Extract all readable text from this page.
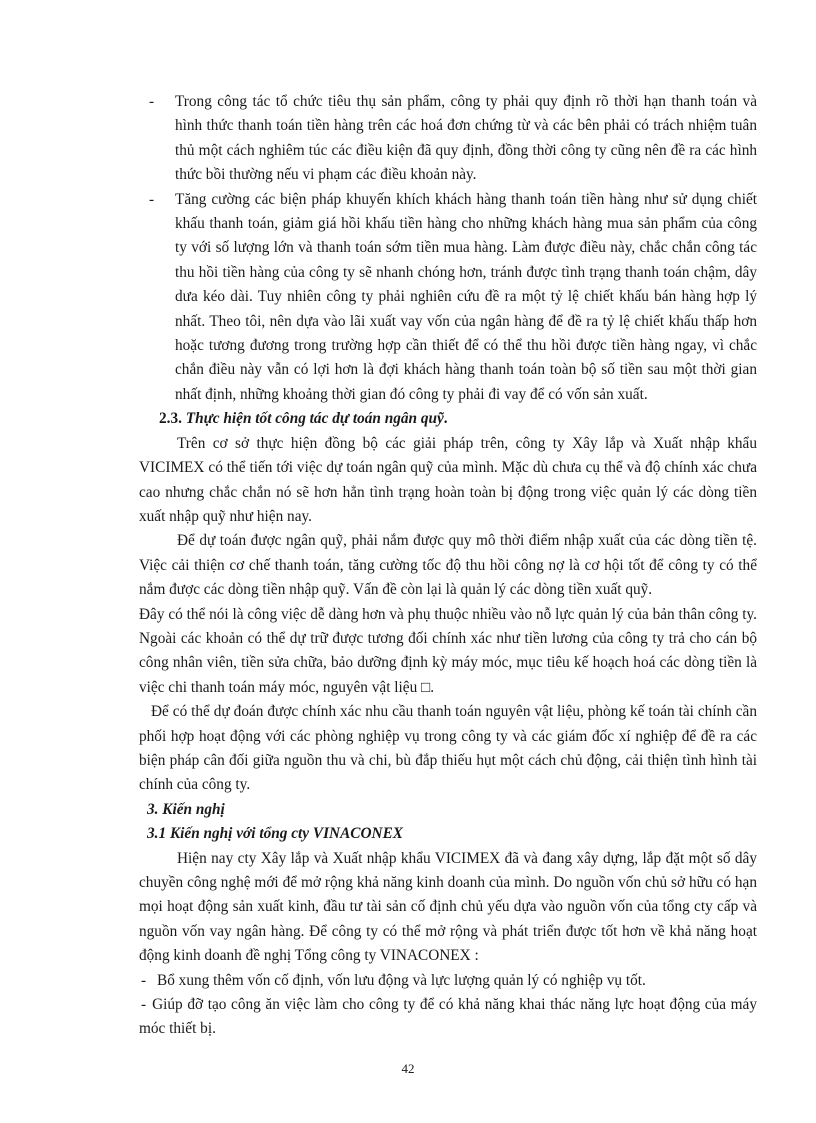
- Trong công tác tổ chức tiêu thụ sản phẩm, công ty phải quy định rõ thời hạn thanh toán và hình thức thanh toán tiền hàng trên các hoá đơn chứng từ và các bên phải có trách nhiệm tuân thủ một cách nghiêm túc các điều kiện đã quy định, đồng thời công ty cũng nên đề ra các hình thức bồi thường nếu vi phạm các điều khoản này.

- Tăng cường các biện pháp khuyến khích khách hàng thanh toán tiền hàng như sử dụng chiết khấu thanh toán, giảm giá hồi khấu tiền hàng cho những khách hàng mua sản phẩm của công ty với số lượng lớn và thanh toán sớm tiền mua hàng. Làm được điều này, chắc chắn công tác thu hồi tiền hàng của công ty sẽ nhanh chóng hơn, tránh được tình trạng thanh toán chậm, dây dưa kéo dài. Tuy nhiên công ty phải nghiên cứu đề ra một tỷ lệ chiết khấu bán hàng hợp lý nhất. Theo tôi, nên dựa vào lãi xuất vay vốn của ngân hàng để đề ra tỷ lệ chiết khấu thấp hơn hoặc tương đương trong trường hợp cần thiết để có thể thu hồi được tiền hàng ngay, vì chắc chắn điều này vẫn có lợi hơn là đợi khách hàng thanh toán toàn bộ số tiền sau một thời gian nhất định, những khoảng thời gian đó công ty phải đi vay để có vốn sản xuất.

2.3. Thực hiện tốt công tác dự toán ngân quỹ.

Trên cơ sở thực hiện đồng bộ các giải pháp trên, công ty Xây lắp và Xuất nhập khẩu VICIMEX có thể tiến tới việc dự toán ngân quỹ của mình. Mặc dù chưa cụ thể và độ chính xác chưa cao nhưng chắc chắn nó sẽ hơn hẳn tình trạng hoàn toàn bị động trong việc quản lý các dòng tiền xuất nhập quỹ như hiện nay.

Để dự toán được ngân quỹ, phải nắm được quy mô thời điểm nhập xuất của các dòng tiền tệ. Việc cải thiện cơ chế thanh toán, tăng cường tốc độ thu hồi công nợ là cơ hội tốt để công ty có thể nắm được các dòng tiền nhập quỹ. Vấn đề còn lại là quản lý các dòng tiền xuất quỹ.

Đây có thể nói là công việc dễ dàng hơn và phụ thuộc nhiều vào nỗ lực quản lý của bản thân công ty. Ngoài các khoản có thể dự trữ được tương đối chính xác như tiền lương của công ty trả cho cán bộ công nhân viên, tiền sửa chữa, bảo dưỡng định kỳ máy móc, mục tiêu kế hoạch hoá các dòng tiền là việc chi thanh toán máy móc, nguyên vật liệu □.

Để có thể dự đoán được chính xác nhu cầu thanh toán nguyên vật liệu, phòng kế toán tài chính cần phối hợp hoạt động với các phòng nghiệp vụ trong công ty và các giám đốc xí nghiệp để đề ra các biện pháp cân đối giữa nguồn thu và chi, bù đắp thiếu hụt một cách chủ động, cải thiện tình hình tài chính của công ty.

3. Kiến nghị

3.1 Kiến nghị với tổng cty VINACONEX

Hiện nay cty Xây lắp và Xuất nhập khẩu VICIMEX đã và đang xây dựng, lắp đặt một số dây chuyền công nghệ mới để mở rộng khả năng kinh doanh của mình. Do nguồn vốn chủ sở hữu có hạn mọi hoạt động sản xuất kinh, đầu tư tài sản cố định chủ yếu dựa vào nguồn vốn của tổng cty cấp và nguồn vốn vay ngân hàng. Để công ty có thể mở rộng và phát triển được tốt hơn về khả năng hoạt động kinh doanh đề nghị Tổng công ty VINACONEX :

- Bổ xung thêm vốn cố định, vốn lưu động và lực lượng quản lý có nghiệp vụ tốt.

- Giúp đỡ tạo công ăn việc làm cho công ty để có khả năng khai thác năng lực hoạt động của máy móc thiết bị.

42
